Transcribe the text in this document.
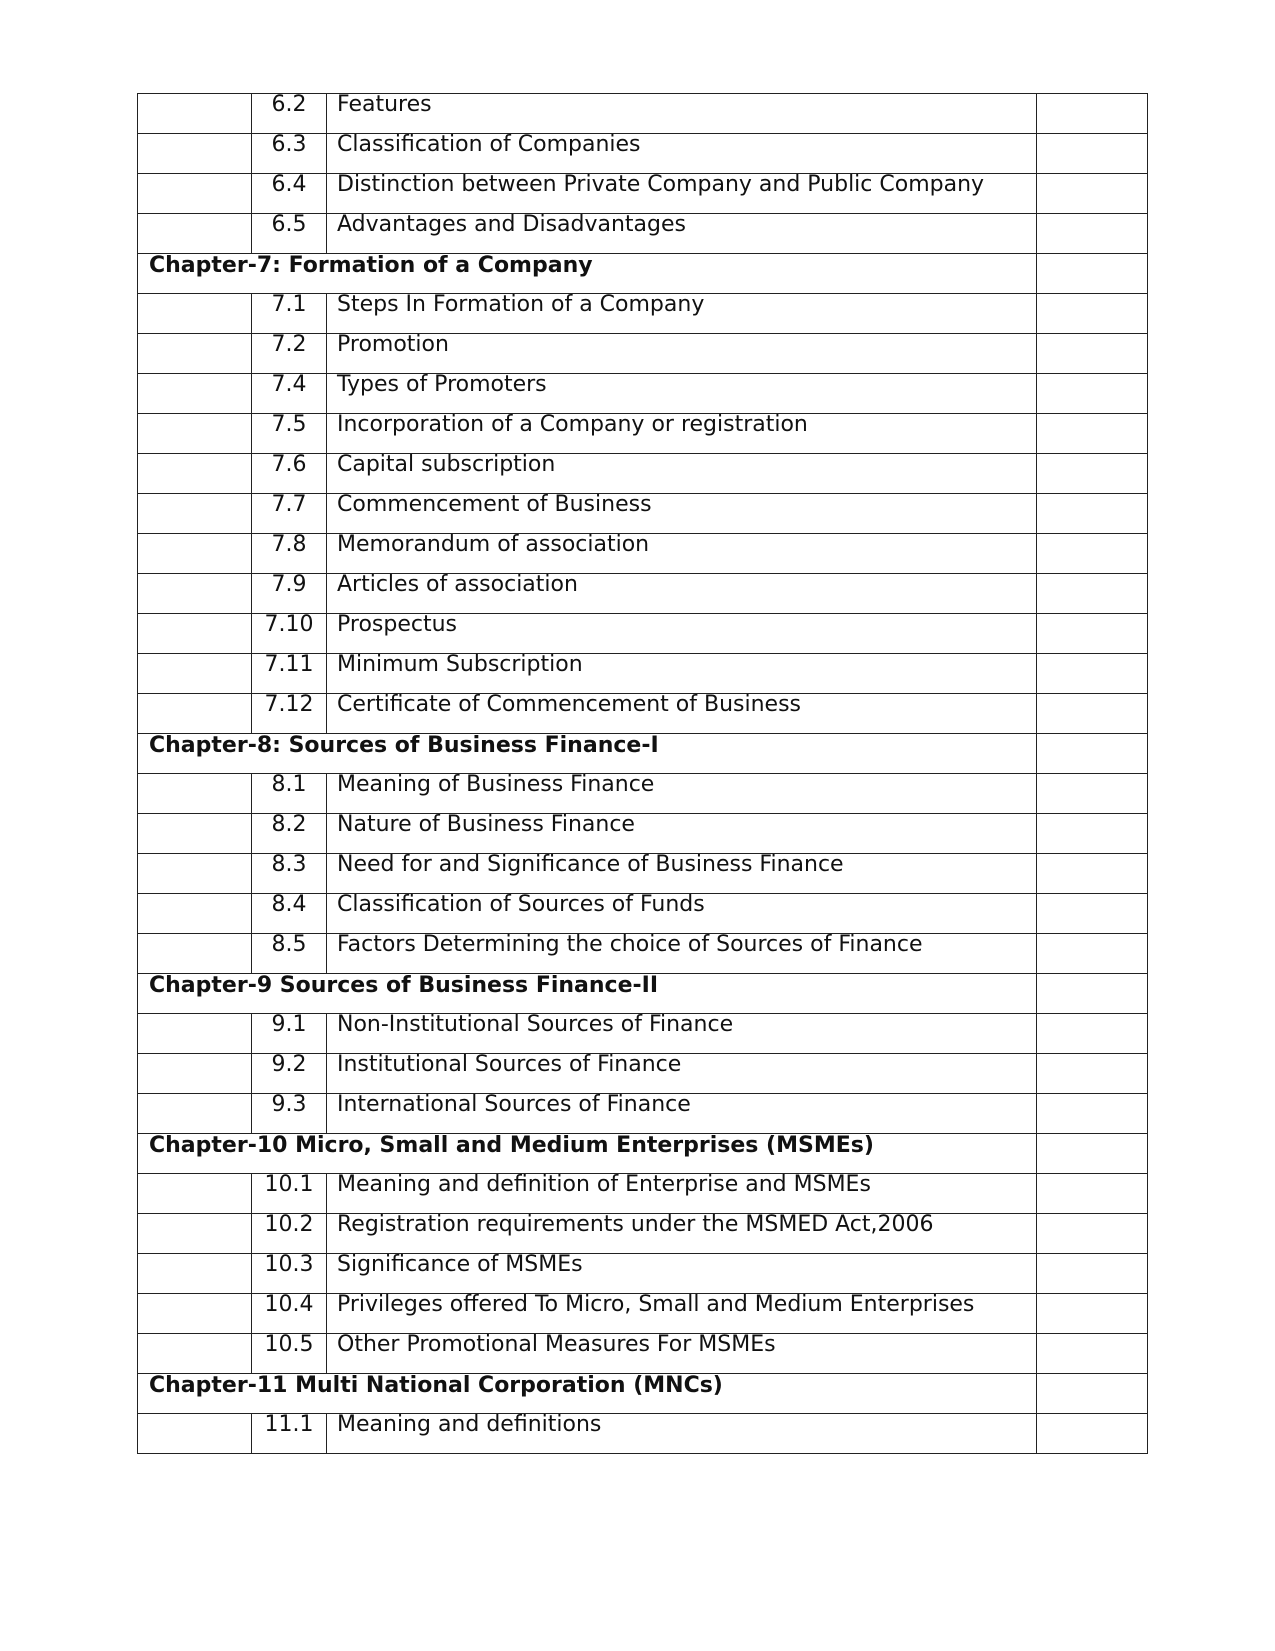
	6.2	Features	

	6.3	Classification of Companies	

	6.4	Distinction between Private Company and Public Company	

	6.5	Advantages and Disadvantages	

Chapter-7: Formation of a Company			

	7.1	Steps In Formation of a Company	

	7.2	Promotion	

	7.4	Types of Promoters	

	7.5	Incorporation of a Company or registration	

	7.6	Capital subscription	

	7.7	Commencement of Business	

	7.8	Memorandum of association	

	7.9	Articles of association	

	7.10	Prospectus	

	7.11	Minimum Subscription	

	7.12	Certificate of Commencement of Business	

Chapter-8: Sources of Business Finance-I			

	8.1	Meaning of Business Finance	

	8.2	Nature of Business Finance	

	8.3	Need for and Significance of Business Finance	

	8.4	Classification of Sources of Funds	

	8.5	Factors Determining the choice of Sources of Finance	

Chapter-9 Sources of Business Finance-II			

	9.1	Non-Institutional Sources of Finance	

	9.2	Institutional Sources of Finance	

	9.3	International Sources of Finance	

Chapter-10 Micro, Small and Medium Enterprises (MSMEs)			

	10.1	Meaning and definition of Enterprise and MSMEs	

	10.2	Registration requirements under the MSMED Act,2006	

	10.3	Significance of MSMEs	

	10.4	Privileges offered To Micro, Small and Medium Enterprises	

	10.5	Other Promotional Measures For MSMEs	

Chapter-11 Multi National Corporation (MNCs)			

	11.1	Meaning and definitions	
